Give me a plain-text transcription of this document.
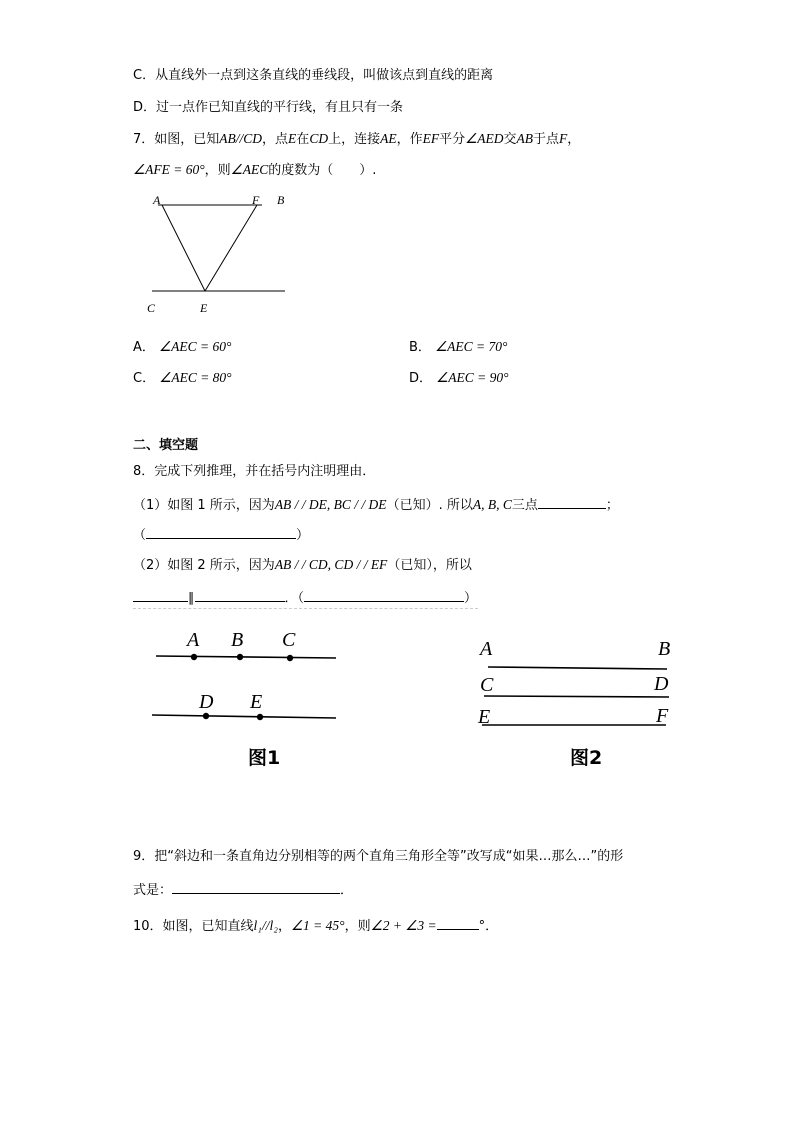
C．从直线外一点到这条直线的垂线段，叫做该点到直线的距离
D．过一点作已知直线的平行线，有且只有一条
7．如图，已知AB//CD，点E在CD上，连接AE，作EF平分∠AED交AB于点F，
∠AFE = 60°，则∠AEC的度数为（　　）.
A	F B
C	E
A． ∠AEC = 60°	B． ∠AEC = 70°
C． ∠AEC = 80°	D． ∠AEC = 90°
二、填空题
8．完成下列推理，并在括号内注明理由．
（1）如图 1 所示，因为AB / / DE, BC / / DE（已知）. 所以A, B, C三点	；
（	）
（2）如图 2 所示，因为AB / / CD, CD / / EF（已知），所以
∥	．（	）
A B C
D E
图1
A	B
C	D
E	F
图2
9．把“斜边和一条直角边分别相等的两个直角三角形全等”改写成“如果…那么…”的形
式是：	．
10．如图，已知直线l₁//l₂，∠1 = 45°，则∠2 + ∠3 =	°．
